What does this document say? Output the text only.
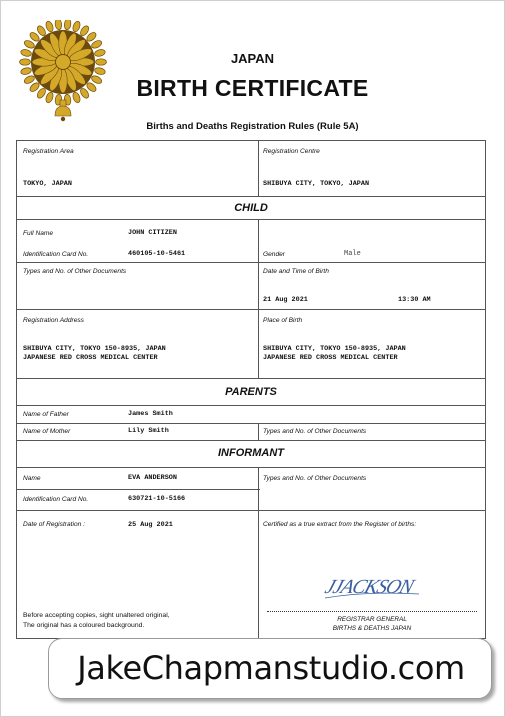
JAPAN
BIRTH CERTIFICATE
Births and Deaths Registration Rules (Rule 5A)
Registration Area
TOKYO, JAPAN
Registration Centre
SHIBUYA CITY, TOKYO, JAPAN
CHILD
Full Name	JOHN CITIZEN
Identification Card No.	460105-10-5461	Gender	Male
Types and No. of Other Documents	Date and Time of Birth
21 Aug 2021	13:30 AM
Registration Address
SHIBUYA CITY, TOKYO 150-8935, JAPAN
JAPANESE RED CROSS MEDICAL CENTER
Place of Birth
SHIBUYA CITY, TOKYO 150-8935, JAPAN
JAPANESE RED CROSS MEDICAL CENTER
PARENTS
Name of Father	James Smith
Name of Mother	Lily Smith	Types and No. of Other Documents
INFORMANT
Name	EVA ANDERSON
Identification Card No.	630721-10-5166
Types and No. of Other Documents
Date of Registration :	25 Aug 2021	Certified as a true extract from the Register of births:
Before accepting copies, sight unaltered original,
The original has a coloured background.
JJACKSON
REGISTRAR GENERAL
BIRTHS & DEATHS JAPAN
JakeChapmanstudio.com
